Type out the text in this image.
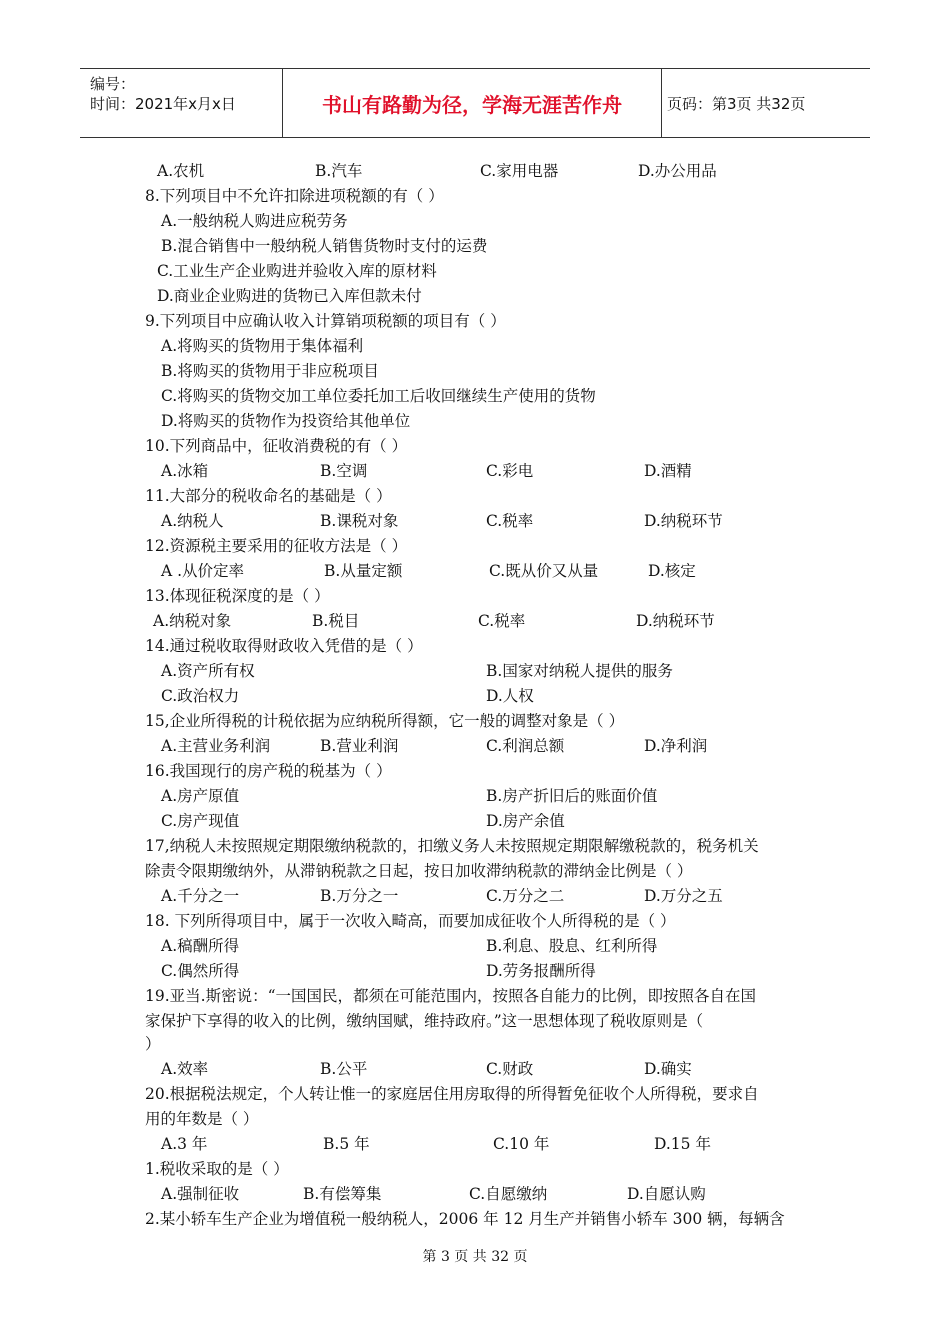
编号：
时间：2021年x月x日	书山有路勤为径，学海无涯苦作舟	页码：第3页 共32页
A.农机	B.汽车	C.家用电器	D.办公用品
8.下列项目中不允许扣除进项税额的有（ ）
A.一般纳税人购进应税劳务
B.混合销售中一般纳税人销售货物时支付的运费
C.工业生产企业购进并验收入库的原材料
D.商业企业购进的货物已入库但款未付
9.下列项目中应确认收入计算销项税额的项目有（ ）
A.将购买的货物用于集体福利
B.将购买的货物用于非应税项目
C.将购买的货物交加工单位委托加工后收回继续生产使用的货物
D.将购买的货物作为投资给其他单位
10.下列商品中，征收消费税的有（ ）
A.冰箱	B.空调	C.彩电	D.酒精
11.大部分的税收命名的基础是（ ）
A.纳税人	B.课税对象	C.税率	D.纳税环节
12.资源税主要采用的征收方法是（ ）
A .从价定率	B.从量定额	C.既从价又从量	D.核定
13.体现征税深度的是（ ）
A.纳税对象	B.税目	C.税率	D.纳税环节
14.通过税收取得财政收入凭借的是（ ）
A.资产所有权	B.国家对纳税人提供的服务
C.政治权力	D.人权
15,企业所得税的计税依据为应纳税所得额，它一般的调整对象是（ ）
A.主营业务利润	B.营业利润	C.利润总额	D.净利润
16.我国现行的房产税的税基为（ ）
A.房产原值	B.房产折旧后的账面价值
C.房产现值	D.房产余值
17,纳税人未按照规定期限缴纳税款的，扣缴义务人未按照规定期限解缴税款的，税务机关
除责令限期缴纳外，从滞钠税款之日起，按日加收滞纳税款的滞纳金比例是（ ）
A.千分之一	B.万分之一	C.万分之二	D.万分之五
18. 下列所得项目中，属于一次收入畸高，而要加成征收个人所得税的是（ ）
A.稿酬所得	B.利息、股息、红利所得
C.偶然所得	D.劳务报酬所得
19.亚当.斯密说：“一国国民，都须在可能范围内，按照各自能力的比例，即按照各自在国
家保护下享得的收入的比例，缴纳国赋，维持政府。”这一思想体现了税收原则是（
）
A.效率	B.公平	C.财政	D.确实
20.根据税法规定，个人转让惟一的家庭居住用房取得的所得暂免征收个人所得税，要求自
用的年数是（ ）
A.3 年	B.5 年	C.10 年	D.15 年
1.税收采取的是（ ）
A.强制征收	B.有偿筹集	C.自愿缴纳	D.自愿认购
2.某小轿车生产企业为增值税一般纳税人，2006 年 12 月生产并销售小轿车 300 辆，每辆含
第 3 页 共 32 页
